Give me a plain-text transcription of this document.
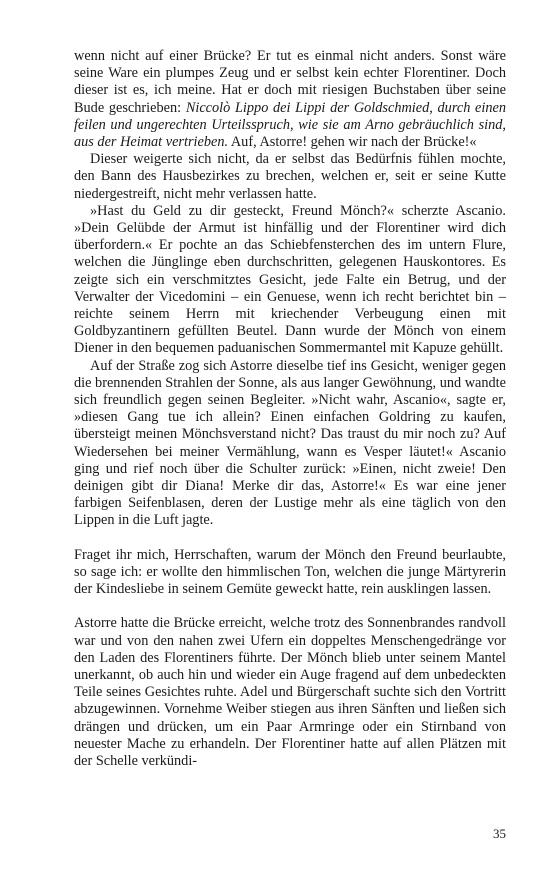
wenn nicht auf einer Brücke? Er tut es einmal nicht anders. Sonst wäre seine Ware ein plumpes Zeug und er selbst kein echter Florentiner. Doch dieser ist es, ich meine. Hat er doch mit riesigen Buchstaben über seine Bude geschrieben: Niccolò Lippo dei Lippi der Goldschmied, durch einen feilen und ungerechten Urteilsspruch, wie sie am Arno gebräuchlich sind, aus der Heimat vertrieben. Auf, Astorre! gehen wir nach der Brücke!«

Dieser weigerte sich nicht, da er selbst das Bedürfnis fühlen mochte, den Bann des Hausbezirkes zu brechen, welchen er, seit er seine Kutte niedergestreift, nicht mehr verlassen hatte.

»Hast du Geld zu dir gesteckt, Freund Mönch?« scherzte Ascanio. »Dein Gelübde der Armut ist hinfällig und der Florentiner wird dich überfordern.« Er pochte an das Schiebfensterchen des im untern Flure, welchen die Jünglinge eben durchschritten, gelegenen Hauskontores. Es zeigte sich ein verschmitztes Gesicht, jede Falte ein Betrug, und der Verwalter der Vicedomini – ein Genuese, wenn ich recht berichtet bin – reichte seinem Herrn mit kriechender Verbeugung einen mit Goldbyzantinern gefüllten Beutel. Dann wurde der Mönch von einem Diener in den bequemen paduanischen Sommermantel mit Kapuze gehüllt.

Auf der Straße zog sich Astorre dieselbe tief ins Gesicht, weniger gegen die brennenden Strahlen der Sonne, als aus langer Gewöhnung, und wandte sich freundlich gegen seinen Begleiter. »Nicht wahr, Ascanio«, sagte er, »diesen Gang tue ich allein? Einen einfachen Goldring zu kaufen, übersteigt meinen Mönchsverstand nicht? Das traust du mir noch zu? Auf Wiedersehen bei meiner Vermählung, wann es Vesper läutet!« Ascanio ging und rief noch über die Schulter zurück: »Einen, nicht zweie! Den deinigen gibt dir Diana! Merke dir das, Astorre!« Es war eine jener farbigen Seifenblasen, deren der Lustige mehr als eine täglich von den Lippen in die Luft jagte.

Fraget ihr mich, Herrschaften, warum der Mönch den Freund beurlaubte, so sage ich: er wollte den himmlischen Ton, welchen die junge Märtyrerin der Kindesliebe in seinem Gemüte geweckt hatte, rein ausklingen lassen.

Astorre hatte die Brücke erreicht, welche trotz des Sonnenbrandes randvoll war und von den nahen zwei Ufern ein doppeltes Menschengedränge vor den Laden des Florentiners führte. Der Mönch blieb unter seinem Mantel unerkannt, ob auch hin und wieder ein Auge fragend auf dem unbedeckten Teile seines Gesichtes ruhte. Adel und Bürgerschaft suchte sich den Vortritt abzugewinnen. Vornehme Weiber stiegen aus ihren Sänften und ließen sich drängen und drücken, um ein Paar Armringe oder ein Stirnband von neuester Mache zu erhandeln. Der Florentiner hatte auf allen Plätzen mit der Schelle verkündi-

35
